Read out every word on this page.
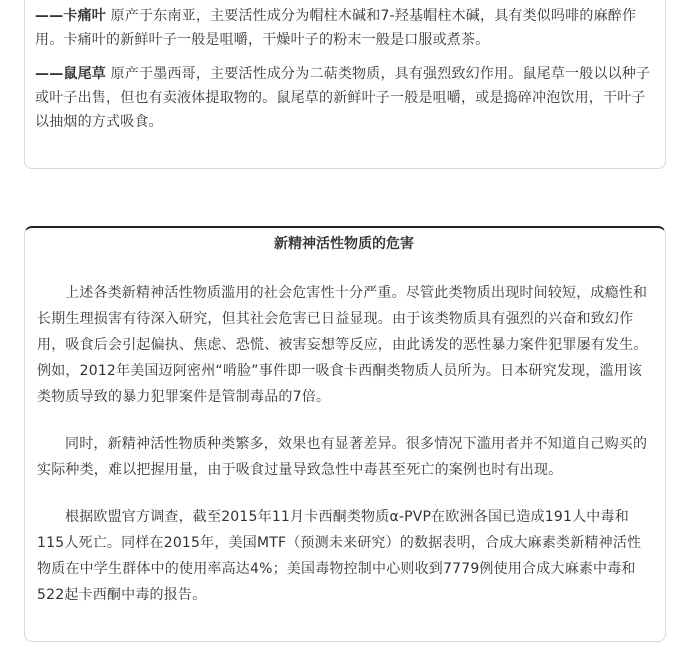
——卡痛叶 原产于东南亚，主要活性成分为帽柱木碱和7-羟基帽柱木碱，具有类似吗啡的麻醉作用。卡痛叶的新鲜叶子一般是咀嚼，干燥叶子的粉末一般是口服或煮茶。

——鼠尾草 原产于墨西哥，主要活性成分为二萜类物质，具有强烈致幻作用。鼠尾草一般以以种子或叶子出售，但也有卖液体提取物的。鼠尾草的新鲜叶子一般是咀嚼，或是捣碎冲泡饮用，干叶子以抽烟的方式吸食。

新精神活性物质的危害

上述各类新精神活性物质滥用的社会危害性十分严重。尽管此类物质出现时间较短，成瘾性和长期生理损害有待深入研究，但其社会危害已日益显现。由于该类物质具有强烈的兴奋和致幻作用，吸食后会引起偏执、焦虑、恐慌、被害妄想等反应，由此诱发的恶性暴力案件犯罪屡有发生。例如，2012年美国迈阿密州“啃脸”事件即一吸食卡西酮类物质人员所为。日本研究发现，滥用该类物质导致的暴力犯罪案件是管制毒品的7倍。

同时，新精神活性物质种类繁多，效果也有显著差异。很多情况下滥用者并不知道自己购买的实际种类，难以把握用量，由于吸食过量导致急性中毒甚至死亡的案例也时有出现。

根据欧盟官方调查，截至2015年11月卡西酮类物质α-PVP在欧洲各国已造成191人中毒和115人死亡。同样在2015年，美国MTF（预测未来研究）的数据表明，合成大麻素类新精神活性物质在中学生群体中的使用率高达4%；美国毒物控制中心则收到7779例使用合成大麻素中毒和522起卡西酮中毒的报告。
